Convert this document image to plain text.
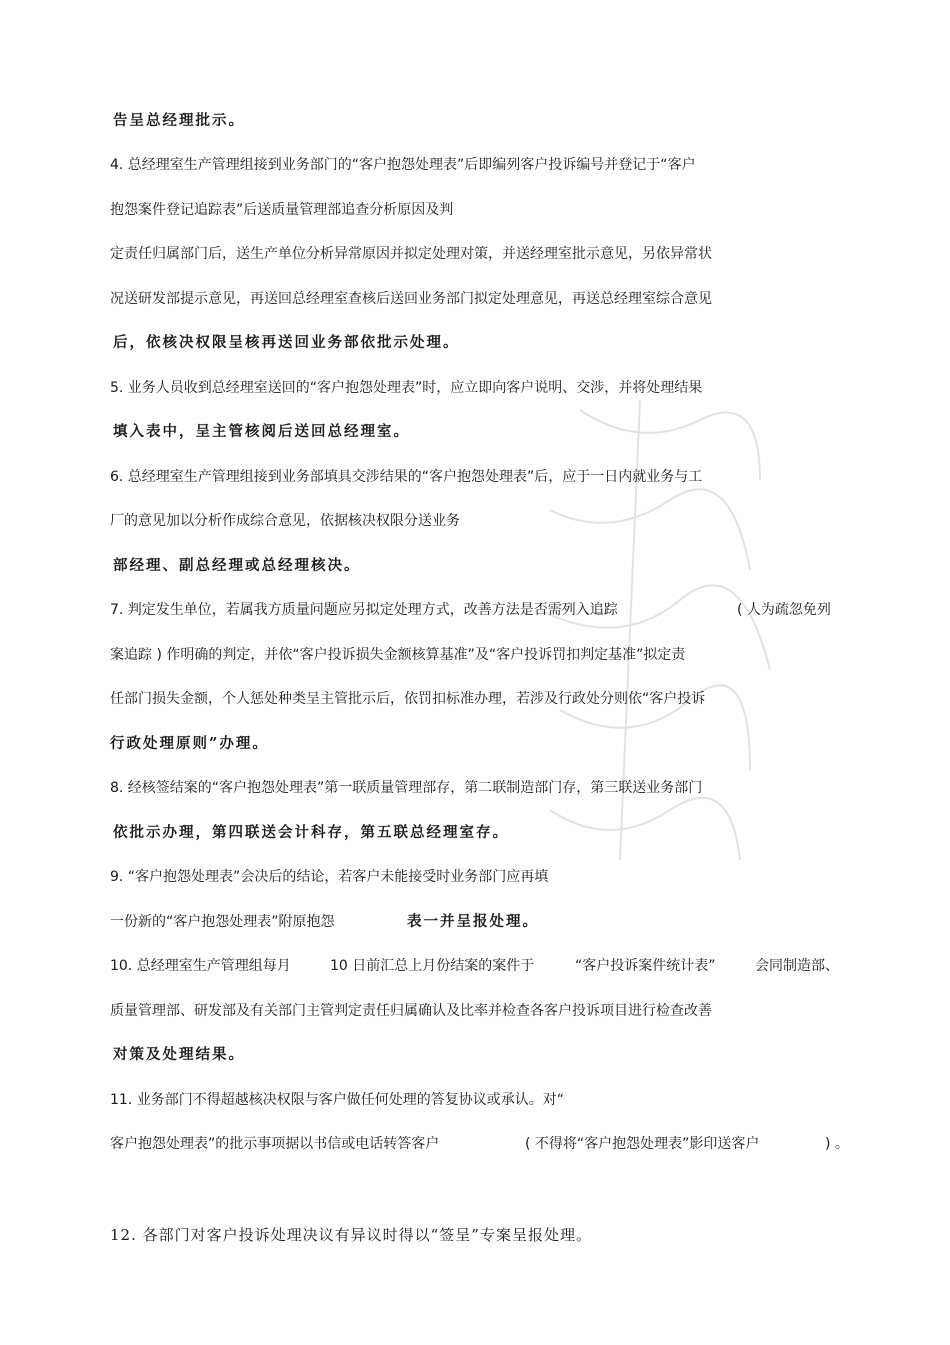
告呈总经理批示。
4. 总经理室生产管理组接到业务部门的“客户抱怨处理表”后即编列客户投诉编号并登记于“客户
抱怨案件登记追踪表”后送质量管理部追查分析原因及判
定责任归属部门后，送生产单位分析异常原因并拟定处理对策，并送经理室批示意见，另依异常状
况送研发部提示意见，再送回总经理室查核后送回业务部门拟定处理意见，再送总经理室综合意见
后，依核决权限呈核再送回业务部依批示处理。
5. 业务人员收到总经理室送回的“客户抱怨处理表”时，应立即向客户说明、交涉，并将处理结果
填入表中，呈主管核阅后送回总经理室。
6. 总经理室生产管理组接到业务部填具交涉结果的“客户抱怨处理表”后，应于一日内就业务与工
厂的意见加以分析作成综合意见，依据核决权限分送业务
部经理、副总经理或总经理核决。
7. 判定发生单位，若属我方质量问题应另拟定处理方式，改善方法是否需列入追踪	( 人为疏忽免列
案追踪 ) 作明确的判定，并依“客户投诉损失金额核算基准”及“客户投诉罚扣判定基准”拟定责
任部门损失金额，个人惩处种类呈主管批示后，依罚扣标准办理，若涉及行政处分则依“客户投诉
行政处理原则”办理。
8. 经核签结案的“客户抱怨处理表”第一联质量管理部存，第二联制造部门存，第三联送业务部门
依批示办理，第四联送会计科存，第五联总经理室存。
9. “客户抱怨处理表”会决后的结论，若客户未能接受时业务部门应再填
一份新的“客户抱怨处理表”附原抱怨	表一并呈报处理。
10. 总经理室生产管理组每月	10 日前汇总上月份结案的案件于	“客户投诉案件统计表”	会同制造部、
质量管理部、研发部及有关部门主管判定责任归属确认及比率并检查各客户投诉项目进行检查改善
对策及处理结果。
11. 业务部门不得超越核决权限与客户做任何处理的答复协议或承认。对“
客户抱怨处理表”的批示事项据以书信或电话转答客户	( 不得将“客户抱怨处理表”影印送客户	) 。
12. 各部门对客户投诉处理决议有异议时得以“签呈”专案呈报处理。
